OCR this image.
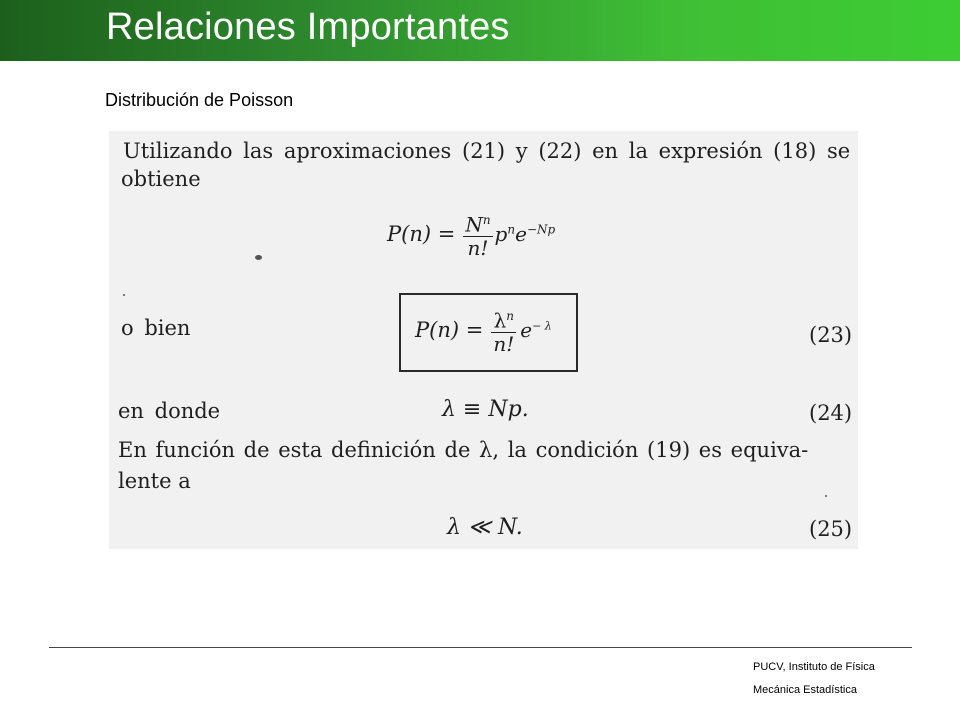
Relaciones Importantes
Distribución de Poisson
Utilizando las aproximaciones (21) y (22) en la expresión (18) se
obtiene
$P(n) = \frac{N^n}{n!} p^ne^{-Np}$
o bien	$P(n) = \frac{\lambda^n}{n!} e^{- \lambda}$	(23)
en donde	λ ≡ Np.	(24)
En función de esta definición de λ, la condición (19) es equiva-
lente a
λ ≪ N.	(25)
PUCV, Instituto de Física
Mecánica Estadística
